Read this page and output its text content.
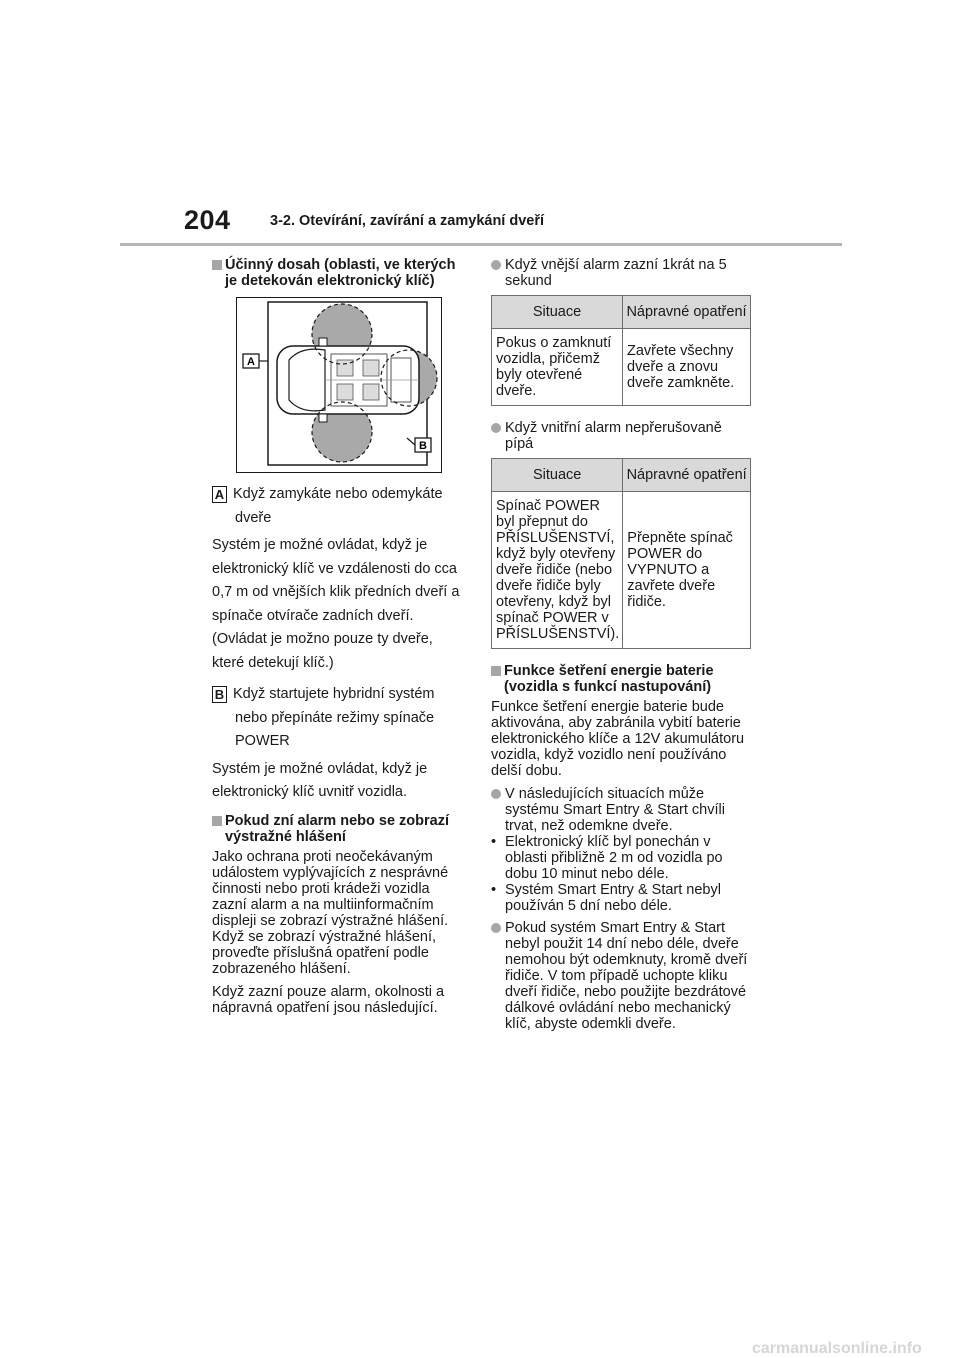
204	3-2. Otevírání, zavírání a zamykání dveří
Účinný dosah (oblasti, ve kterých je detekován elektronický klíč)
A
B
A Když zamykáte nebo odemykáte
dveře

Systém je možné ovládat, když je elektronický klíč ve vzdálenosti do cca 0,7 m od vnějších klik předních dveří a spínače otvírače zadních dveří. (Ovládat je možno pouze ty dveře, které detekují klíč.)

B Když startujete hybridní systém
nebo přepínáte režimy spínače
POWER

Systém je možné ovládat, když je elektronický klíč uvnitř vozidla.

Pokud zní alarm nebo se zobrazí výstražné hlášení

Jako ochrana proti neočekávaným událostem vyplývajících z nesprávné činnosti nebo proti krádeži vozidla zazní alarm a na multiinformačním displeji se zobrazí výstražné hlášení. Když se zobrazí výstražné hlášení, proveďte příslušná opatření podle zobrazeného hlášení.

Když zazní pouze alarm, okolnosti a nápravná opatření jsou následující.

Když vnější alarm zazní 1krát na 5 sekund
Situace	Nápravné opatření
Pokus o zamknutí vozidla, přičemž byly otevřené dveře.	Zavřete všechny dveře a znovu dveře zamkněte.
Když vnitřní alarm nepřerušovaně pípá
Situace	Nápravné opatření
Spínač POWER byl přepnut do PŘÍSLUŠENSTVÍ, když byly otevřeny dveře řidiče (nebo dveře řidiče byly otevřeny, když byl spínač POWER v PŘÍSLUŠENSTVÍ).	Přepněte spínač POWER do VYPNUTO a zavřete dveře řidiče.
Funkce šetření energie baterie (vozidla s funkcí nastupování)

Funkce šetření energie baterie bude aktivována, aby zabránila vybití baterie elektronického klíče a 12V akumulátoru vozidla, když vozidlo není používáno delší dobu.

V následujících situacích může systému Smart Entry & Start chvíli trvat, než odemkne dveře.
• Elektronický klíč byl ponechán v oblasti přibližně 2 m od vozidla po dobu 10 minut nebo déle.
• Systém Smart Entry & Start nebyl používán 5 dní nebo déle.
Pokud systém Smart Entry & Start nebyl použit 14 dní nebo déle, dveře nemohou být odemknuty, kromě dveří řidiče. V tom případě uchopte kliku dveří řidiče, nebo použijte bezdrátové dálkové ovládání nebo mechanický klíč, abyste odemkli dveře.
carmanualsonline.info
